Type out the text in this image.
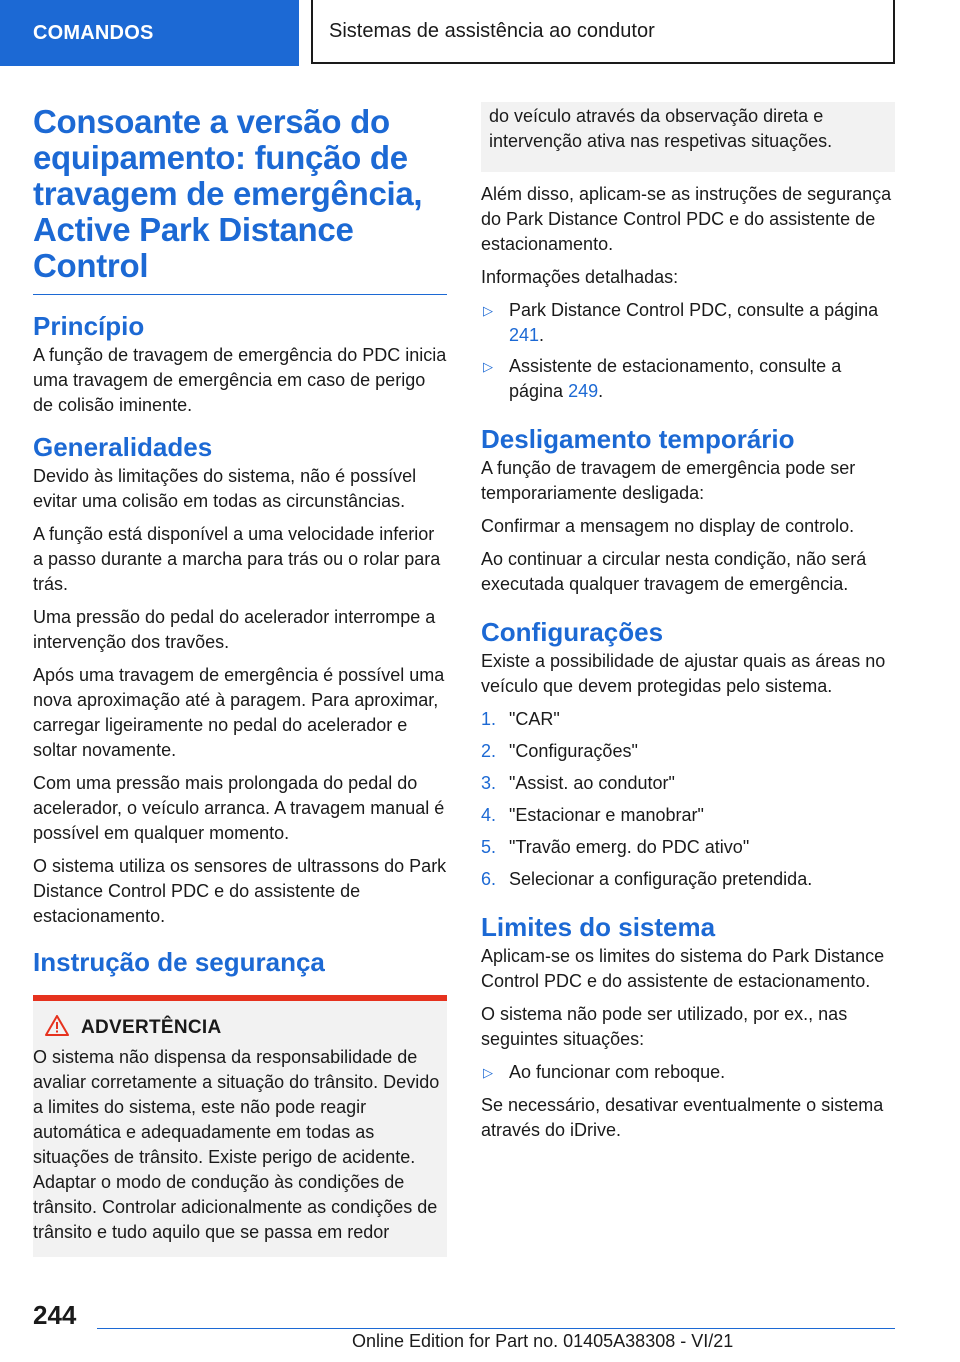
COMANDOS	Sistemas de assistência ao condutor
Consoante a versão do equipamento: função de travagem de emergência, Active Park Distance Control
Princípio

A função de travagem de emergência do PDC inicia uma travagem de emergência em caso de perigo de colisão iminente.

Generalidades

Devido às limitações do sistema, não é possível evitar uma colisão em todas as circunstâncias.

A função está disponível a uma velocidade inferior a passo durante a marcha para trás ou o rolar para trás.

Uma pressão do pedal do acelerador interrompe a intervenção dos travões.

Após uma travagem de emergência é possível uma nova aproximação até à paragem. Para aproximar, carregar ligeiramente no pedal do acelerador e soltar novamente.

Com uma pressão mais prolongada do pedal do acelerador, o veículo arranca. A travagem manual é possível em qualquer momento.

O sistema utiliza os sensores de ultrassons do Park Distance Control PDC e do assistente de estacionamento.

Instrução de segurança
ADVERTÊNCIA

O sistema não dispensa da responsabilidade de avaliar corretamente a situação do trânsito. Devido a limites do sistema, este não pode reagir automática e adequadamente em todas as situações de trânsito. Existe perigo de acidente. Adaptar o modo de condução às condições de trânsito. Controlar adicionalmente as condições de trânsito e tudo aquilo que se passa em redor

do veículo através da observação direta e intervenção ativa nas respetivas situações.

Além disso, aplicam-se as instruções de segurança do Park Distance Control PDC e do assistente de estacionamento.

Informações detalhadas:

▷ Park Distance Control PDC, consulte a página 241.
▷ Assistente de estacionamento, consulte a página 249.
Desligamento temporário

A função de travagem de emergência pode ser temporariamente desligada:

Confirmar a mensagem no display de controlo.

Ao continuar a circular nesta condição, não será executada qualquer travagem de emergência.

Configurações

Existe a possibilidade de ajustar quais as áreas no veículo que devem protegidas pelo sistema.

1. "CAR"
2. "Configurações"
3. "Assist. ao condutor"
4. "Estacionar e manobrar"
5. "Travão emerg. do PDC ativo"
6. Selecionar a configuração pretendida.
Limites do sistema

Aplicam-se os limites do sistema do Park Distance Control PDC e do assistente de estacionamento.

O sistema não pode ser utilizado, por ex., nas seguintes situações:

▷ Ao funcionar com reboque.

Se necessário, desativar eventualmente o sistema através do iDrive.

244
Online Edition for Part no. 01405A38308 - VI/21
